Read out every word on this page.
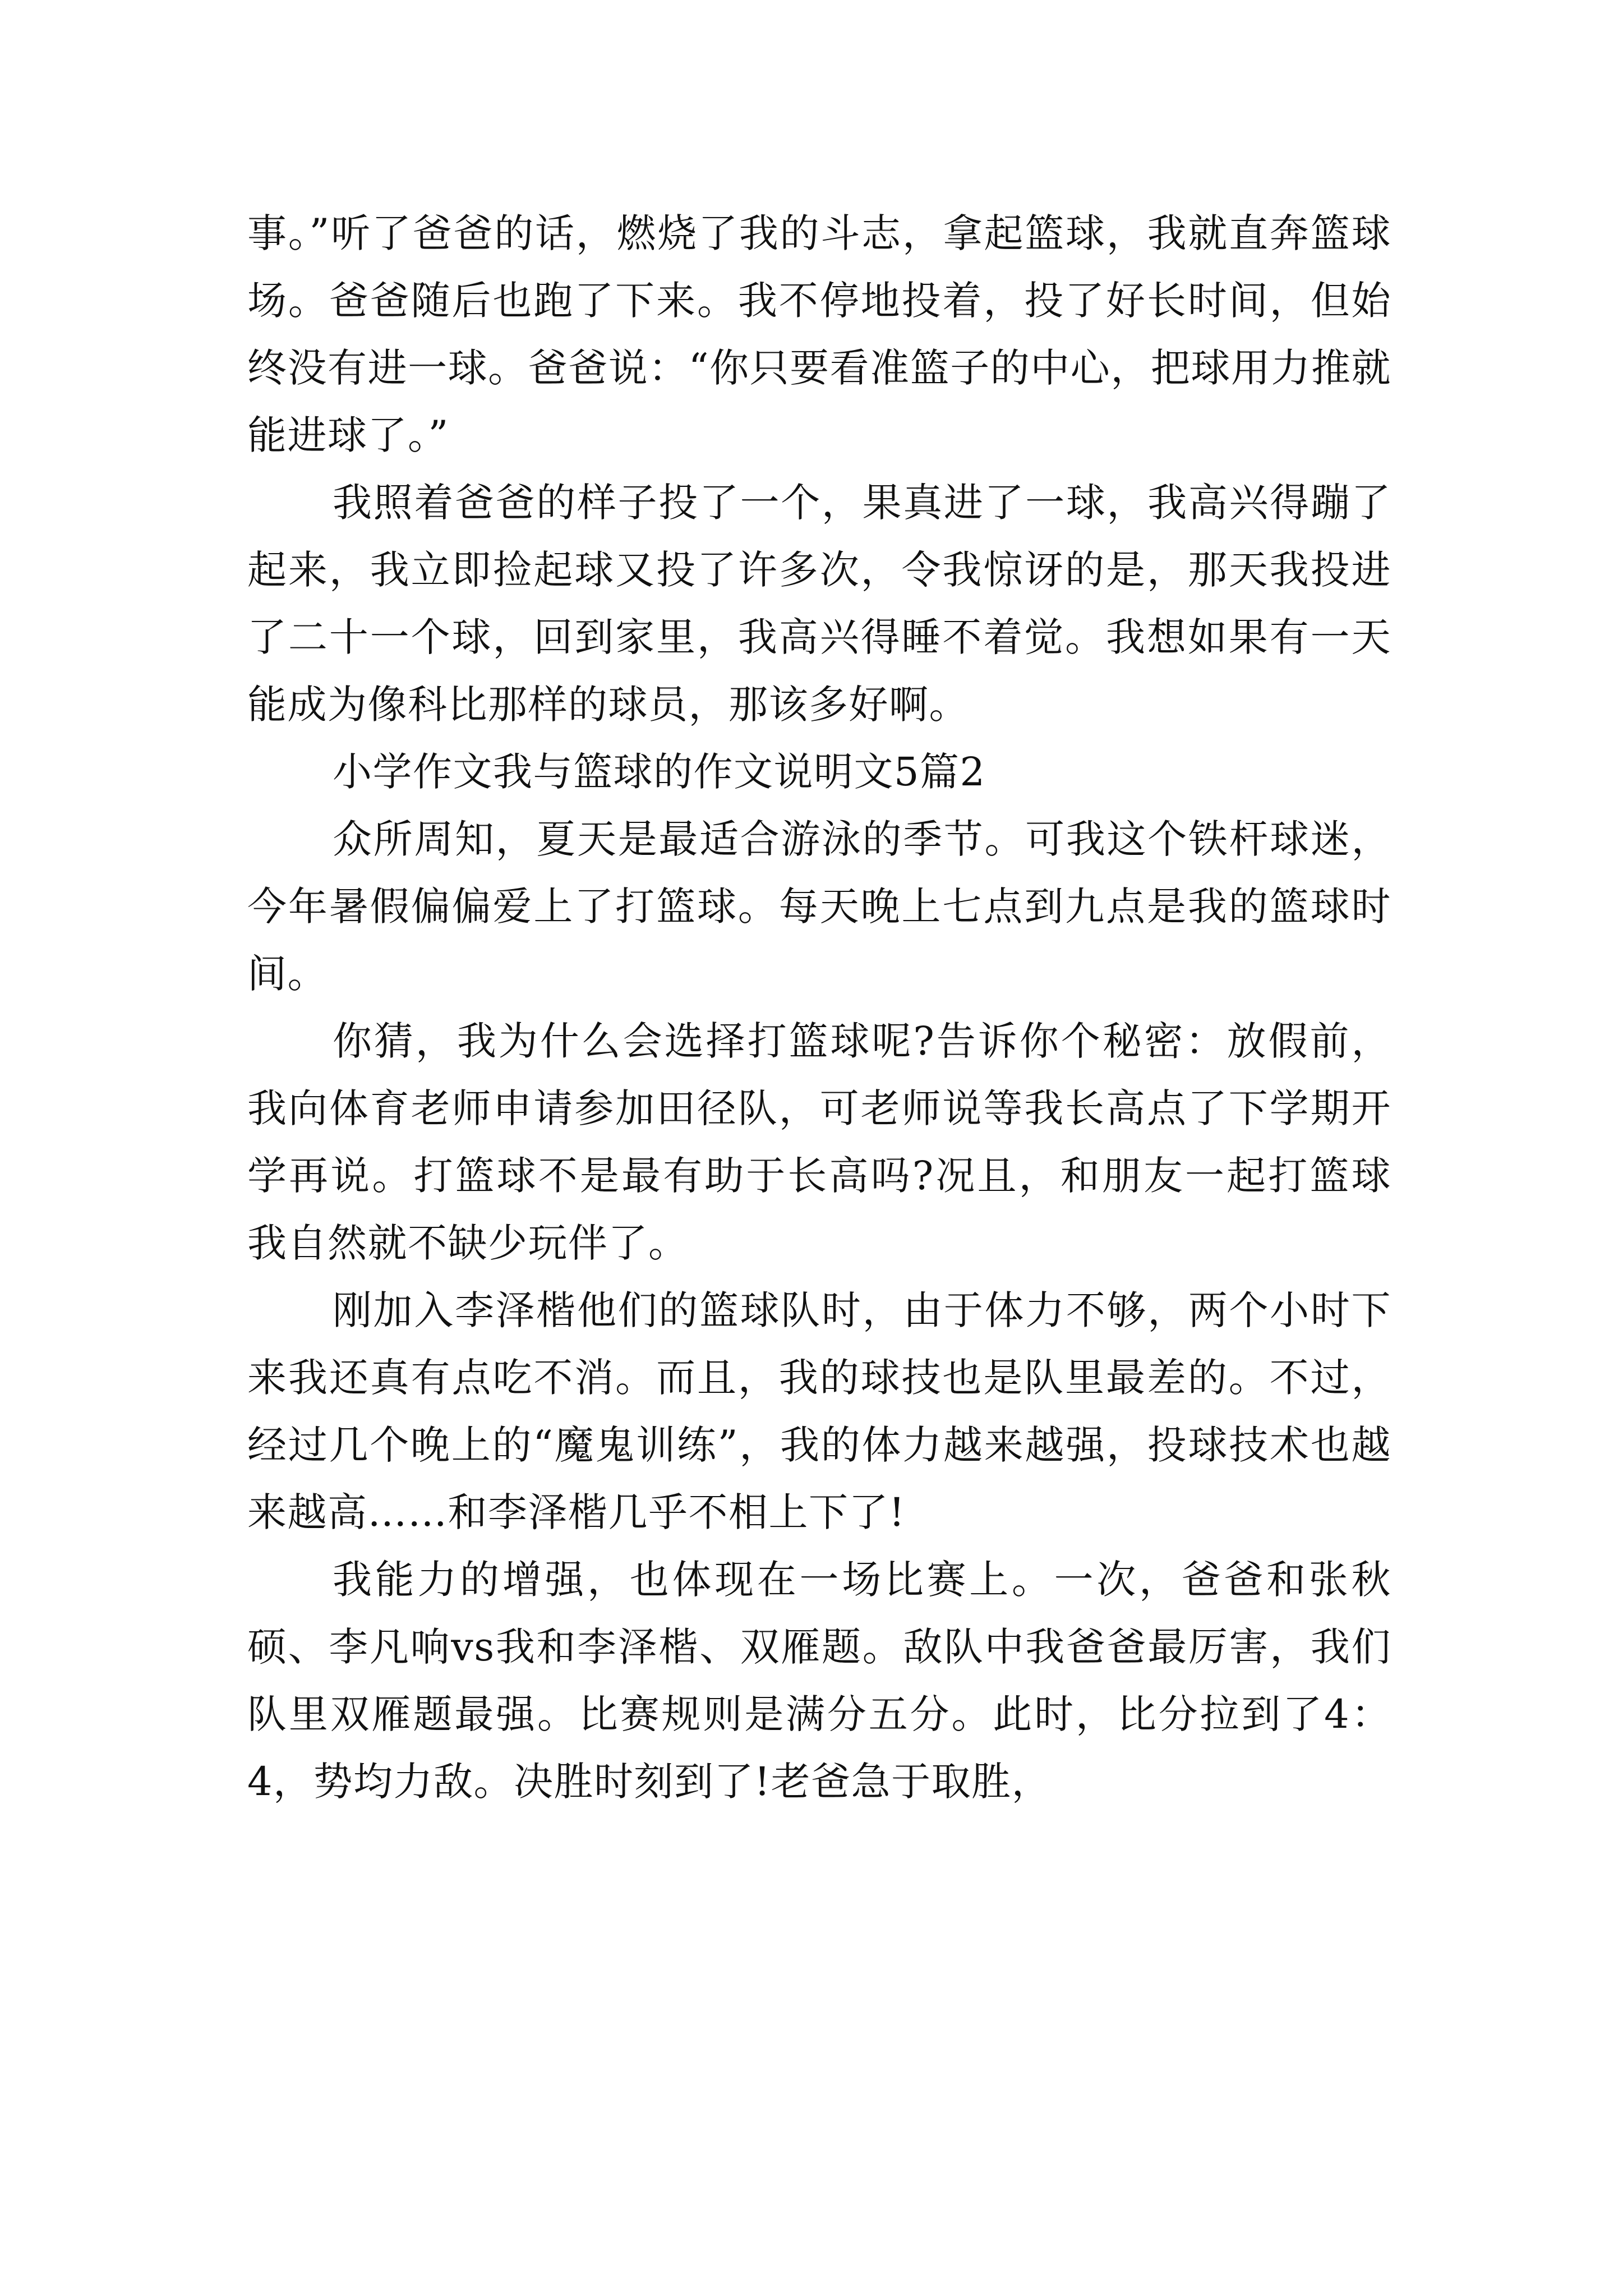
事。”听了爸爸的话，燃烧了我的斗志，拿起篮球，我就直奔篮球场。爸爸随后也跑了下来。我不停地投着，投了好长时间，但始终没有进一球。爸爸说：“你只要看准篮子的中心，把球用力推就能进球了。”

我照着爸爸的样子投了一个，果真进了一球，我高兴得蹦了起来，我立即捡起球又投了许多次，令我惊讶的是，那天我投进了二十一个球，回到家里，我高兴得睡不着觉。我想如果有一天能成为像科比那样的球员，那该多好啊。

小学作文我与篮球的作文说明文5篇2

众所周知，夏天是最适合游泳的季节。可我这个铁杆球迷，今年暑假偏偏爱上了打篮球。每天晚上七点到九点是我的篮球时间。

你猜，我为什么会选择打篮球呢?告诉你个秘密：放假前，我向体育老师申请参加田径队，可老师说等我长高点了下学期开学再说。打篮球不是最有助于长高吗?况且，和朋友一起打篮球我自然就不缺少玩伴了。

刚加入李泽楷他们的篮球队时，由于体力不够，两个小时下来我还真有点吃不消。而且，我的球技也是队里最差的。不过，经过几个晚上的“魔鬼训练”，我的体力越来越强，投球技术也越来越高……和李泽楷几乎不相上下了!

我能力的增强，也体现在一场比赛上。一次，爸爸和张秋硕、李凡响vs我和李泽楷、双雁题。敌队中我爸爸最厉害，我们队里双雁题最强。比赛规则是满分五分。此时，比分拉到了4：4，势均力敌。决胜时刻到了!老爸急于取胜，
